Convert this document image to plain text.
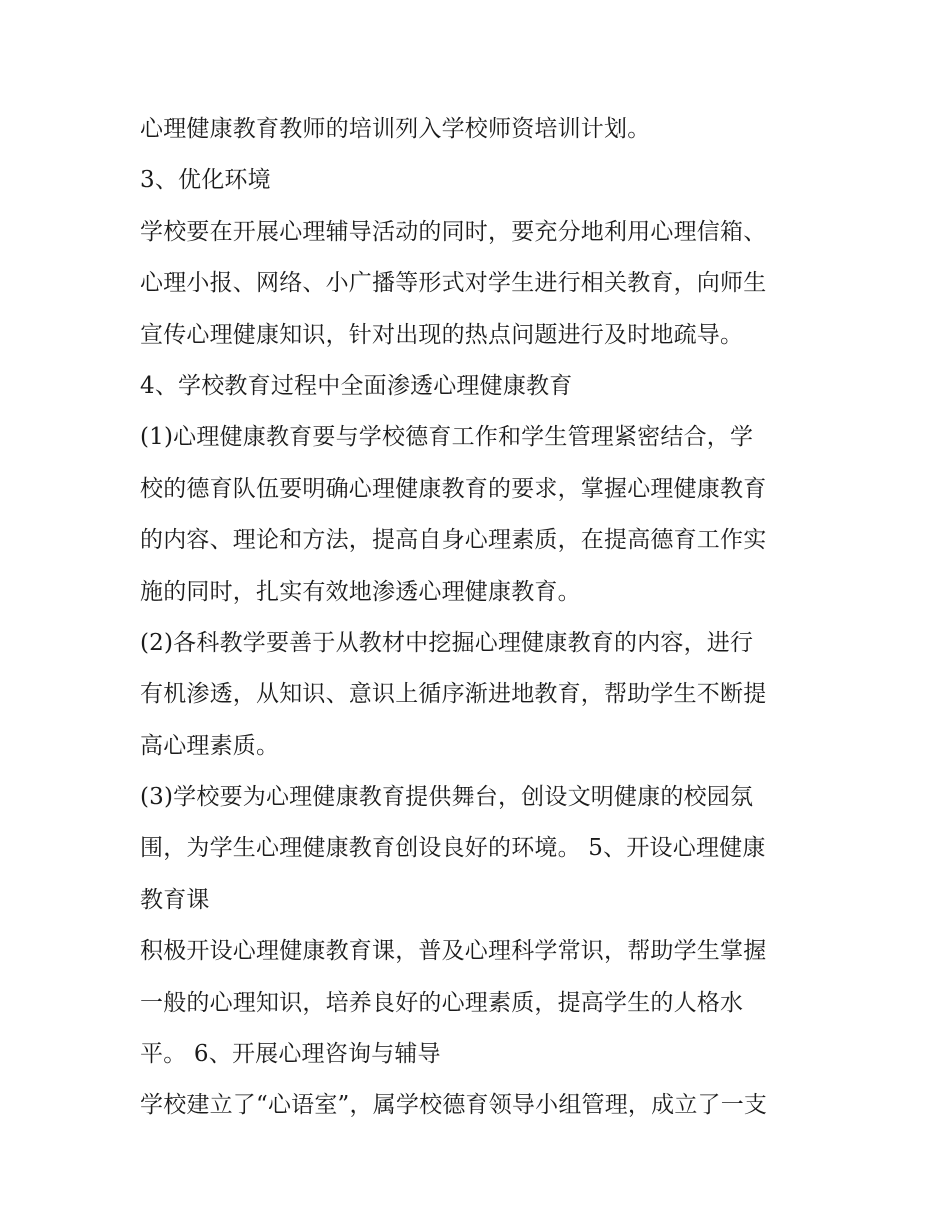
心理健康教育教师的培训列入学校师资培训计划。
3、优化环境
学校要在开展心理辅导活动的同时，要充分地利用心理信箱、
心理小报、网络、小广播等形式对学生进行相关教育，向师生
宣传心理健康知识，针对出现的热点问题进行及时地疏导。
4、学校教育过程中全面渗透心理健康教育
(1)心理健康教育要与学校德育工作和学生管理紧密结合，学
校的德育队伍要明确心理健康教育的要求，掌握心理健康教育
的内容、理论和方法，提高自身心理素质，在提高德育工作实
施的同时，扎实有效地渗透心理健康教育。
(2)各科教学要善于从教材中挖掘心理健康教育的内容，进行
有机渗透，从知识、意识上循序渐进地教育，帮助学生不断提
高心理素质。
(3)学校要为心理健康教育提供舞台，创设文明健康的校园氛
围，为学生心理健康教育创设良好的环境。 5、开设心理健康
教育课
积极开设心理健康教育课，普及心理科学常识，帮助学生掌握
一般的心理知识，培养良好的心理素质，提高学生的人格水
平。 6、开展心理咨询与辅导
学校建立了“心语室”，属学校德育领导小组管理，成立了一支
